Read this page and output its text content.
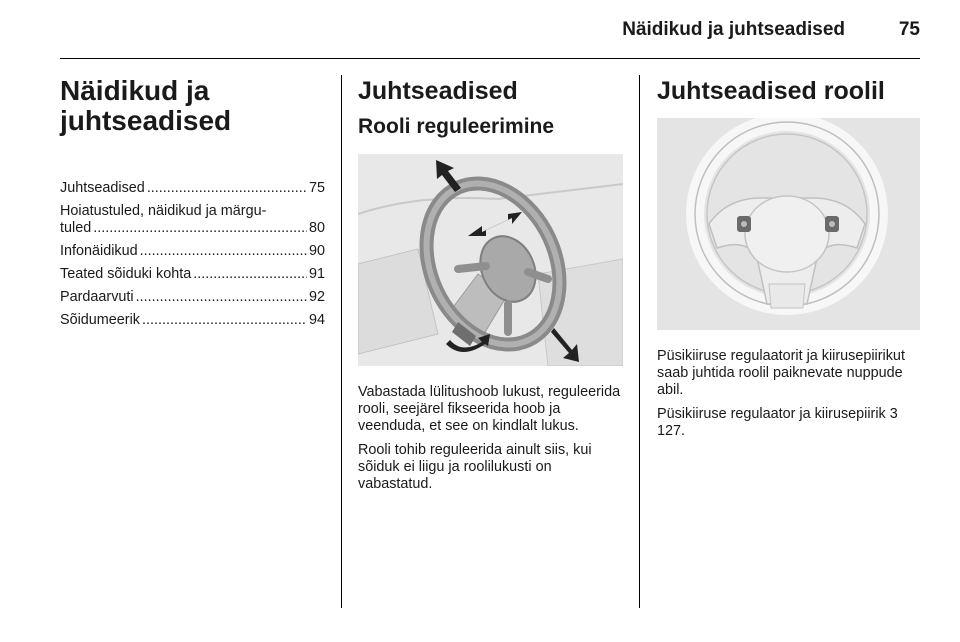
Näidikud ja juhtseadised	75
Näidikud ja
juhtseadised
Juhtseadised .....	75
Hoiatustuled, näidikud ja märgu-
tuled .....	80
Infonäidikud .....	90
Teated sõiduki kohta .....	91
Pardaarvuti .....	92
Sõidumeerik .....	94
Juhtseadised
Rooli reguleerimine

Vabastada lülitushoob lukust, reguleerida rooli, seejärel fikseerida hoob ja veenduda, et see on kindlalt lukus.

Rooli tohib reguleerida ainult siis, kui sõiduk ei liigu ja roolilukusti on vabastatud.

Juhtseadised roolil

Püsikiiruse regulaatorit ja kiirusepiirikut saab juhtida roolil paiknevate nuppude abil.

Püsikiiruse regulaator ja kiirusepiirik 3 127.
